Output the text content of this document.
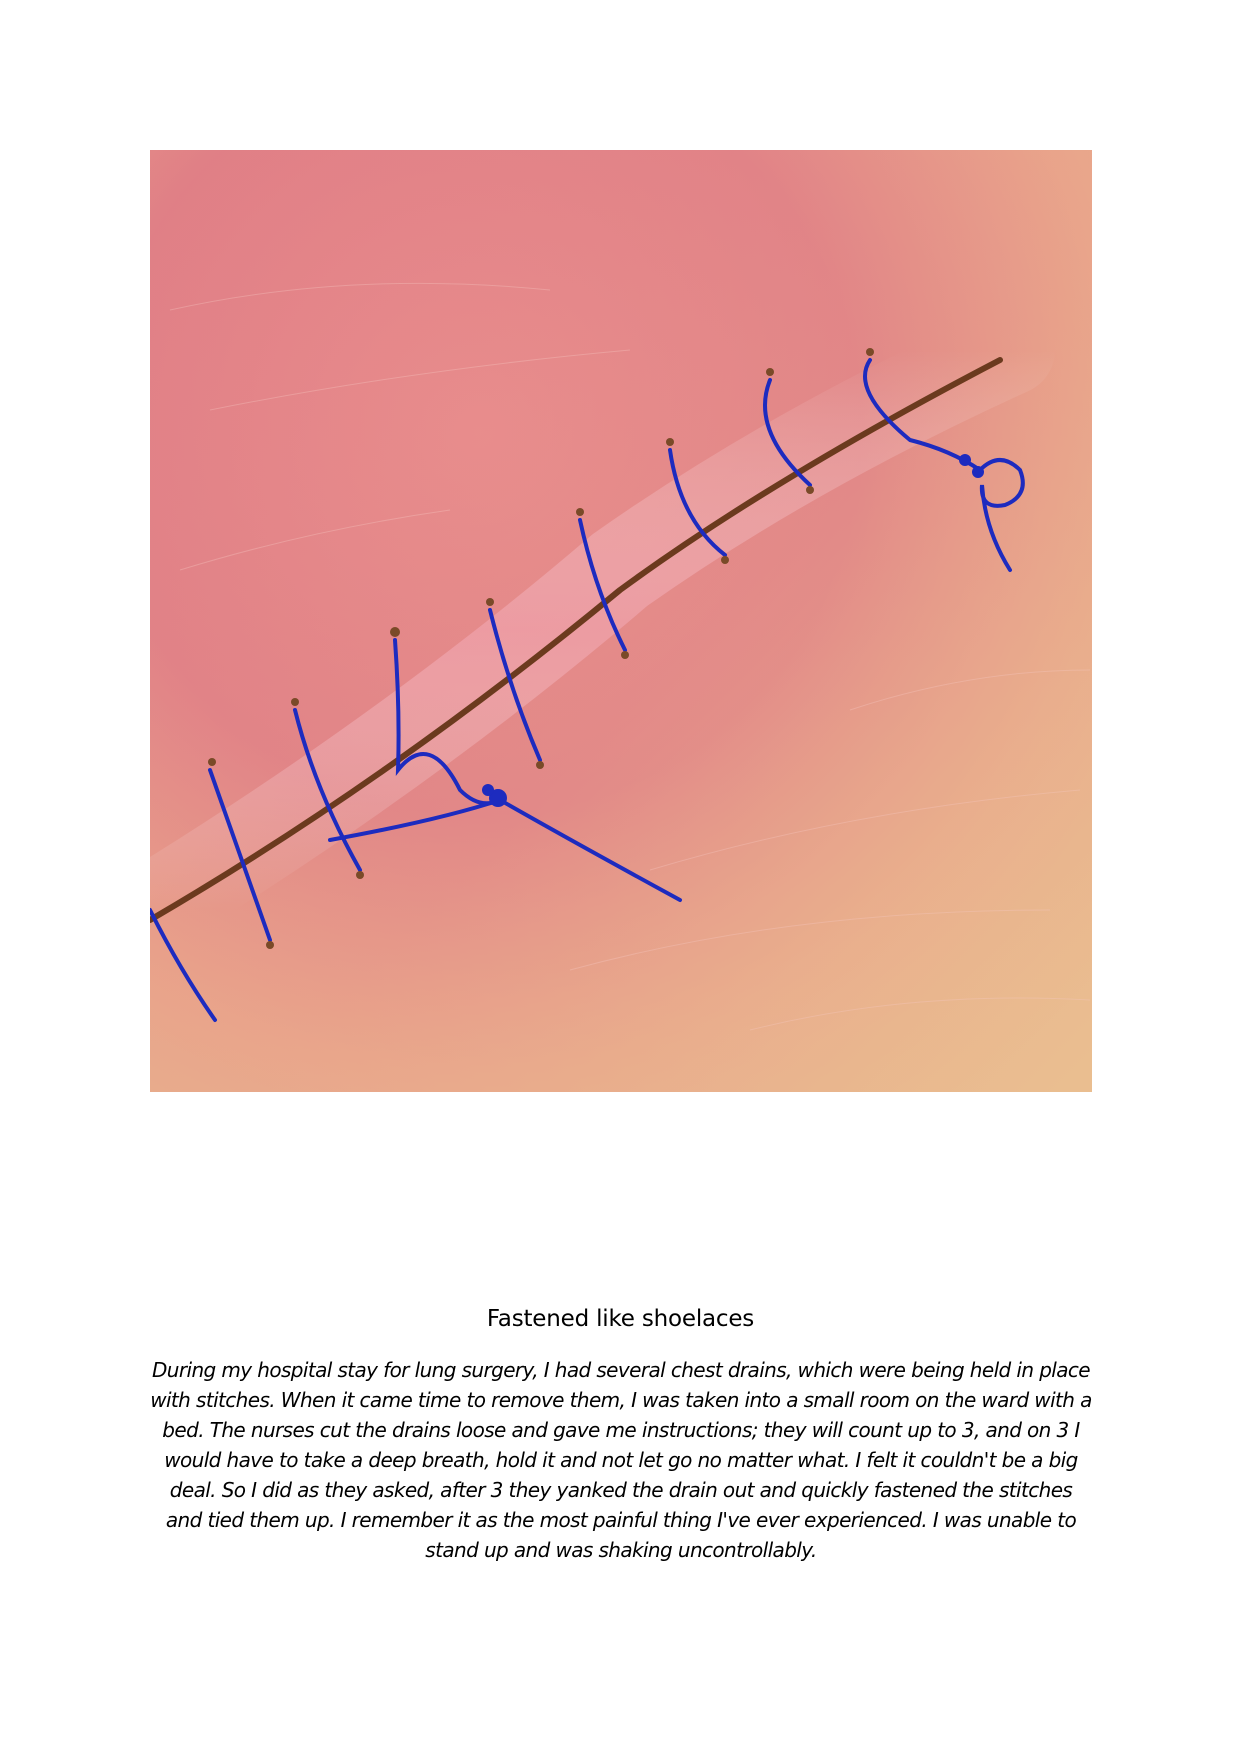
Fastened like shoelaces
During my hospital stay for lung surgery, I had several chest drains, which were being held in place with stitches. When it came time to remove them, I was taken into a small room on the ward with a bed. The nurses cut the drains loose and gave me instructions; they will count up to 3, and on 3 I would have to take a deep breath, hold it and not let go no matter what. I felt it couldn't be a big deal. So I did as they asked, after 3 they yanked the drain out and quickly fastened the stitches and tied them up. I remember it as the most painful thing I've ever experienced. I was unable to stand up and was shaking uncontrollably.
